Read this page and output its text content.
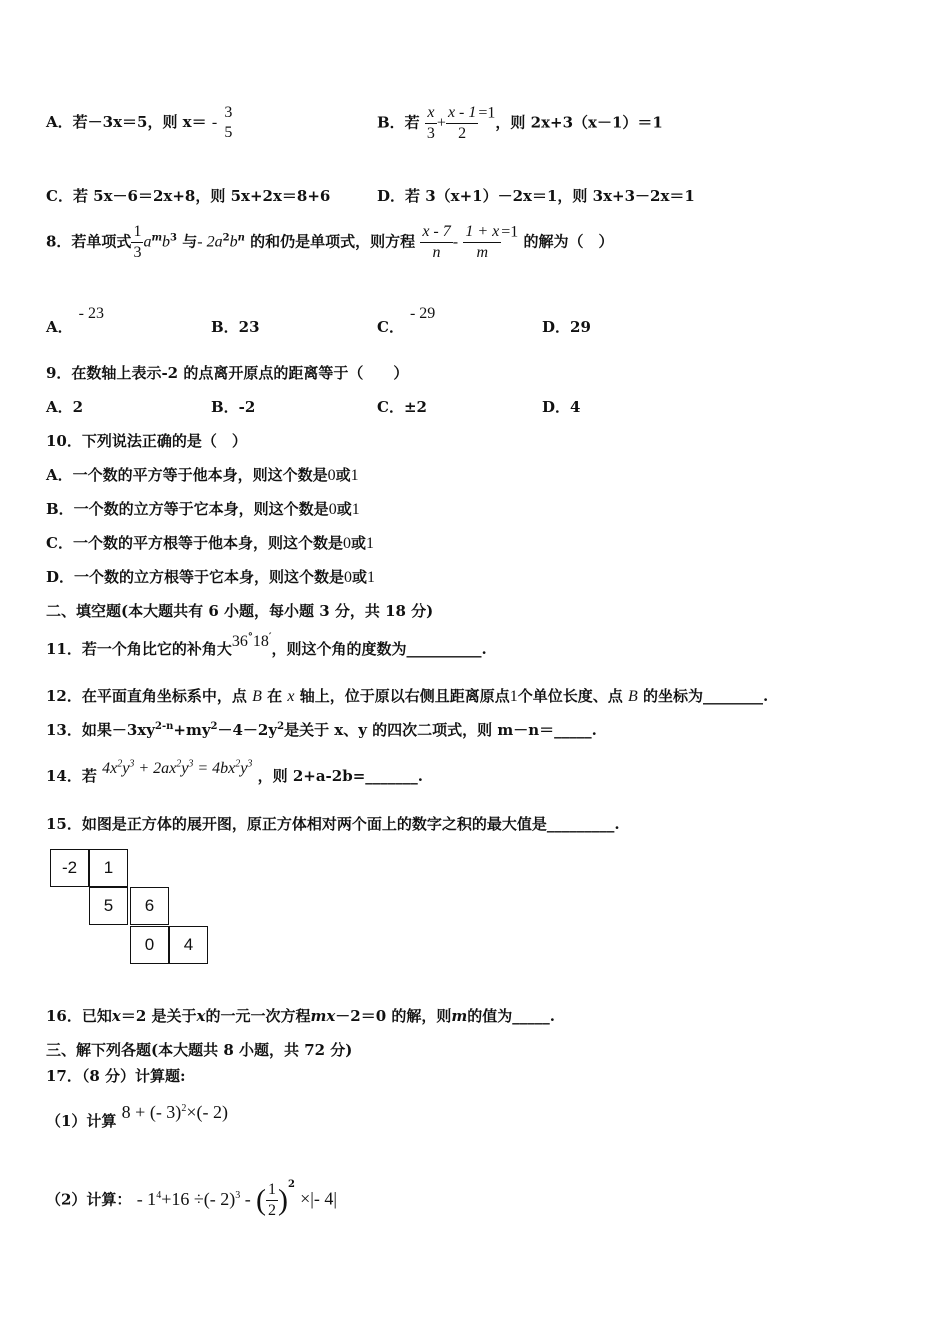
A．若－3x＝5，则 x＝ -
3
5
B．若 $\frac{x}{3} + \frac{x - 1}{2} =1$，则 2x+3（x－1）＝1
C．若 5x－6＝2x+8，则 5x+2x＝8+6	D．若 3（x+1）－2x＝1，则 3x+3－2x＝1
8．若单项式 $\frac{1}{3} a^mb^3$ 与- $2a^2b^n$ 的和仍是单项式，则方程 $\frac{x - 7}{n} - \frac{1 + x}{m} =1$ 的解为（　）
A．- 23
B．23	C．- 29
D．29
9．在数轴上表示-2 的点离开原点的距离等于（　　）
A．2	B．-2	C．±2	D．4
10．下列说法正确的是（　）
A．一个数的平方等于他本身，则这个数是0或1
B．一个数的立方等于它本身，则这个数是0或1
C．一个数的平方根等于他本身，则这个数是0或1
D．一个数的立方根等于它本身，则这个数是0或1
二、填空题(本大题共有 6 小题，每小题 3 分，共 18 分)
11．若一个角比它的补角大36°18′，则这个角的度数为__________.
12．在平面直角坐标系中，点 B 在 x 轴上，位于原以右侧且距离原点1个单位长度、点 B 的坐标为________.
13．如果$-3xy^{2-n}+my^2-4-2y^2$是关于 x、y 的四次二项式，则 m－n＝_____.
14．若 $4x^2y^3 + 2ax^2y^3 = 4bx^2y^3$ ，则 2+a-2b=_______.
15．如图是正方体的展开图，原正方体相对两个面上的数字之积的最大值是_________.
-2	1
5	6
0	4
16．已知x＝2 是关于x的一元一次方程mx－2＝0 的解，则m的值为_____.
三、解下列各题(本大题共 8 小题，共 72 分)
17．（8 分）计算题:
（1）计算 8 + (- 3)$^2$×(- 2)
（2）计算： - $1^4+16$ ÷(- 2)$^3$ - ( $\frac{1}{2} )^2$ ×|- 4|
